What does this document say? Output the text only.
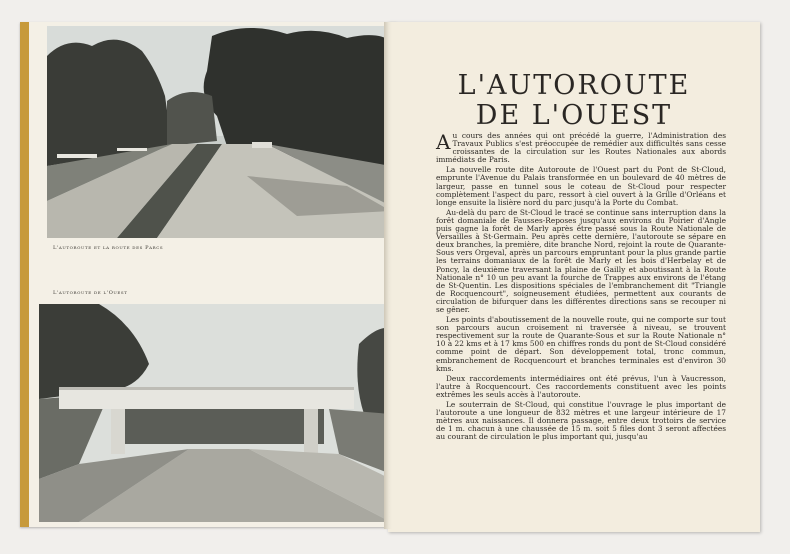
L'autoroute et la route des Parcs
L'autoroute de l'Ouest
L'AUTOROUTE
DE L'OUEST

Au cours des années qui ont précédé la guerre, l'Administration des Travaux Publics s'est préoccupée de remédier aux difficultés sans cesse croissantes de la circulation sur les Routes Nationales aux abords immédiats de Paris.

La nouvelle route dite Autoroute de l'Ouest part du Pont de St-Cloud, emprunte l'Avenue du Palais transformée en un boulevard de 40 mètres de largeur, passe en tunnel sous le coteau de St-Cloud pour respecter complètement l'aspect du parc, ressort à ciel ouvert à la Grille d'Orléans et longe ensuite la lisière nord du parc jusqu'à la Porte du Combat.

Au-delà du parc de St-Cloud le tracé se continue sans interruption dans la forêt domaniale de Fausses-Reposes jusqu'aux environs du Poirier d'Angle puis gagne la forêt de Marly après être passé sous la Route Nationale de Versailles à St-Germain. Peu après cette dernière, l'autoroute se sépare en deux branches, la première, dite branche Nord, rejoint la route de Quarante-Sous vers Orgeval, après un parcours empruntant pour la plus grande partie les terrains domaniaux de la forêt de Marly et les bois d'Herbelay et de Poncy, la deuxième traversant la plaine de Gailly et aboutissant à la Route Nationale n° 10 un peu avant la fourche de Trappes aux environs de l'étang de St-Quentin. Les dispositions spéciales de l'embranchement dit "Triangle de Rocquencourt", soigneusement étudiées, permettent aux courants de circulation de bifurquer dans les différentes directions sans se recouper ni se gêner.

Les points d'aboutissement de la nouvelle route, qui ne comporte sur tout son parcours aucun croisement ni traversée à niveau, se trouvent respectivement sur la route de Quarante-Sous et sur la Route Nationale n° 10 à 22 kms et à 17 kms 500 en chiffres ronds du pont de St-Cloud considéré comme point de départ. Son développement total, tronc commun, embranchement de Rocquencourt et branches terminales est d'environ 30 kms.

Deux raccordements intermédiaires ont été prévus, l'un à Vaucresson, l'autre à Rocquencourt. Ces raccordements constituent avec les points extrêmes les seuls accès à l'autoroute.

Le souterrain de St-Cloud, qui constitue l'ouvrage le plus important de l'autoroute a une longueur de 832 mètres et une largeur intérieure de 17 mètres aux naissances. Il donnera passage, entre deux trottoirs de service de 1 m. chacun à une chaussée de 15 m. soit 5 files dont 3 seront affectées au courant de circulation le plus important qui, jusqu'au
